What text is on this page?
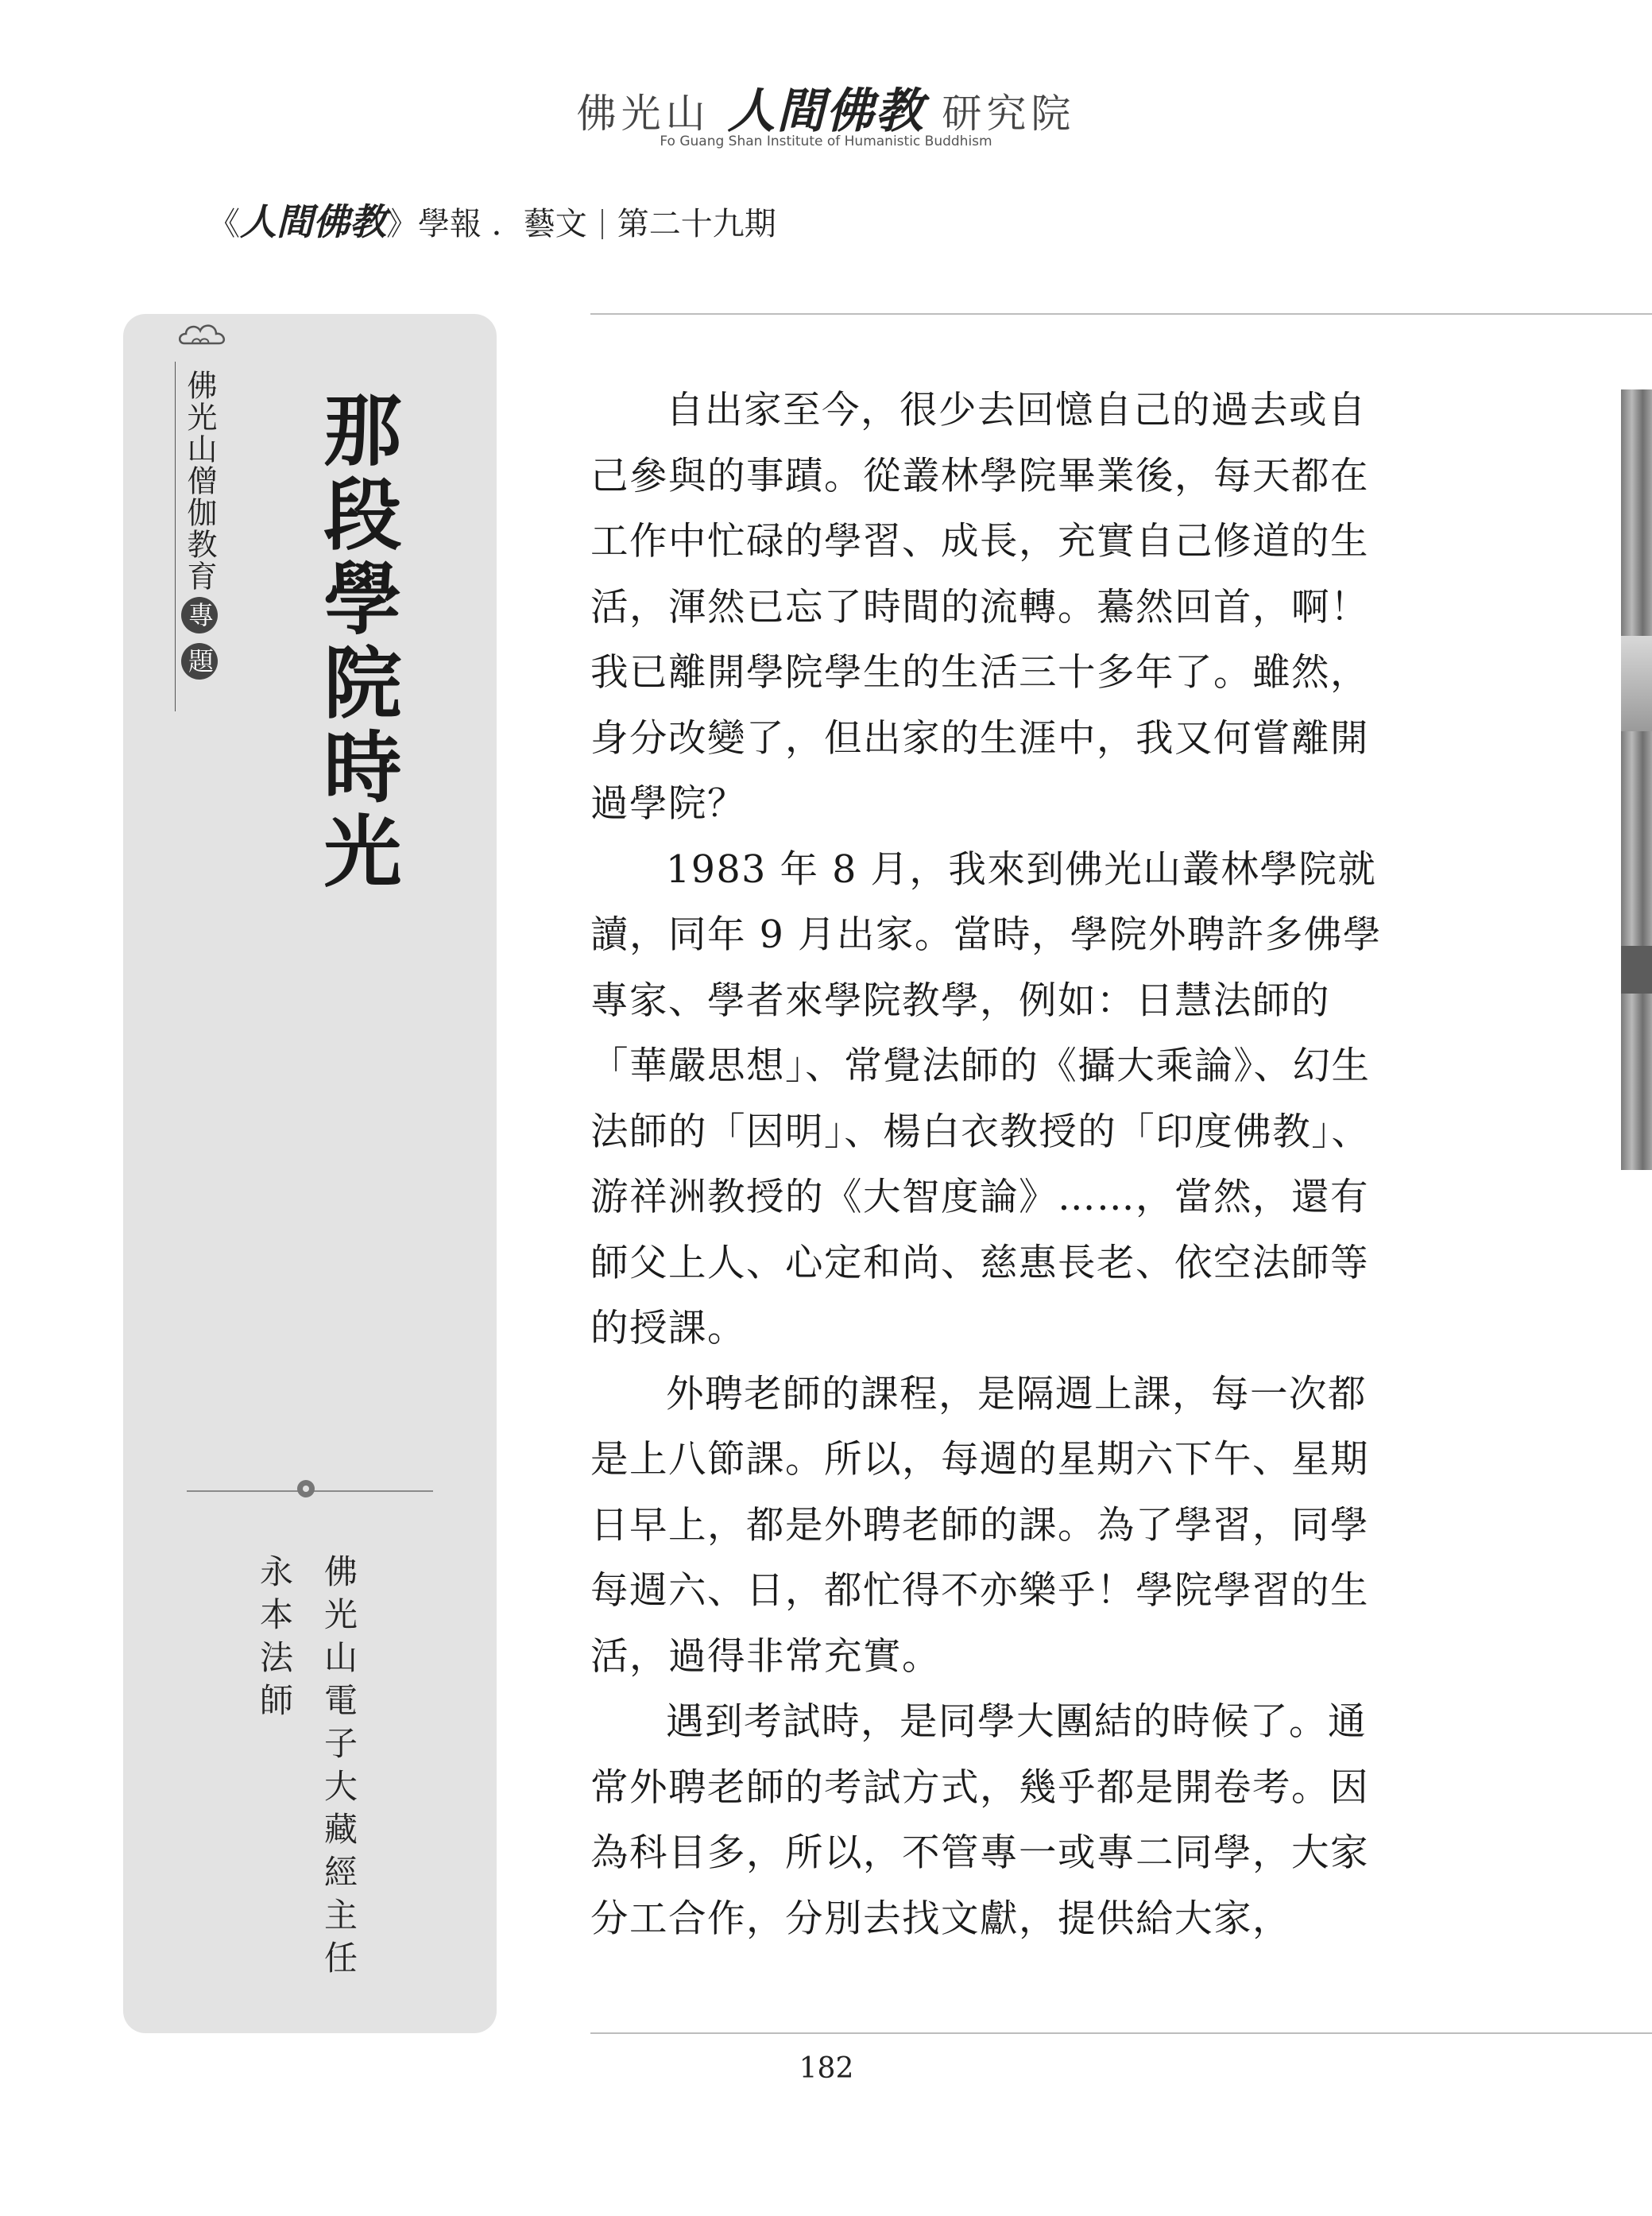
佛光山 人間佛教 研究院
Fo Guang Shan Institute of Humanistic Buddhism
《人間佛教》學報 ．藝文 第二十九期
佛光山僧伽教育專題 那段學院時光
佛光山電子大藏經主任
永本法師

自出家至今，很少去回憶自己的過去或自己參與的事蹟。從叢林學院畢業後，每天都在工作中忙碌的學習、成長，充實自己修道的生活，渾然已忘了時間的流轉。驀然回首，啊！我已離開學院學生的生活三十多年了。雖然，身分改變了，但出家的生涯中，我又何嘗離開過學院？

1983 年 8 月，我來到佛光山叢林學院就讀，同年 9 月出家。當時，學院外聘許多佛學專家、學者來學院教學，例如：日慧法師的「華嚴思想」、常覺法師的《攝大乘論》、幻生法師的「因明」、楊白衣教授的「印度佛教」、游祥洲教授的《大智度論》……，當然，還有師父上人、心定和尚、慈惠長老、依空法師等的授課。

外聘老師的課程，是隔週上課，每一次都是上八節課。所以，每週的星期六下午、星期日早上，都是外聘老師的課。為了學習，同學每週六、日，都忙得不亦樂乎！學院學習的生活，過得非常充實。

遇到考試時，是同學大團結的時候了。通常外聘老師的考試方式，幾乎都是開卷考。因為科目多，所以，不管專一或專二同學，大家分工合作，分別去找文獻，提供給大家，

182
